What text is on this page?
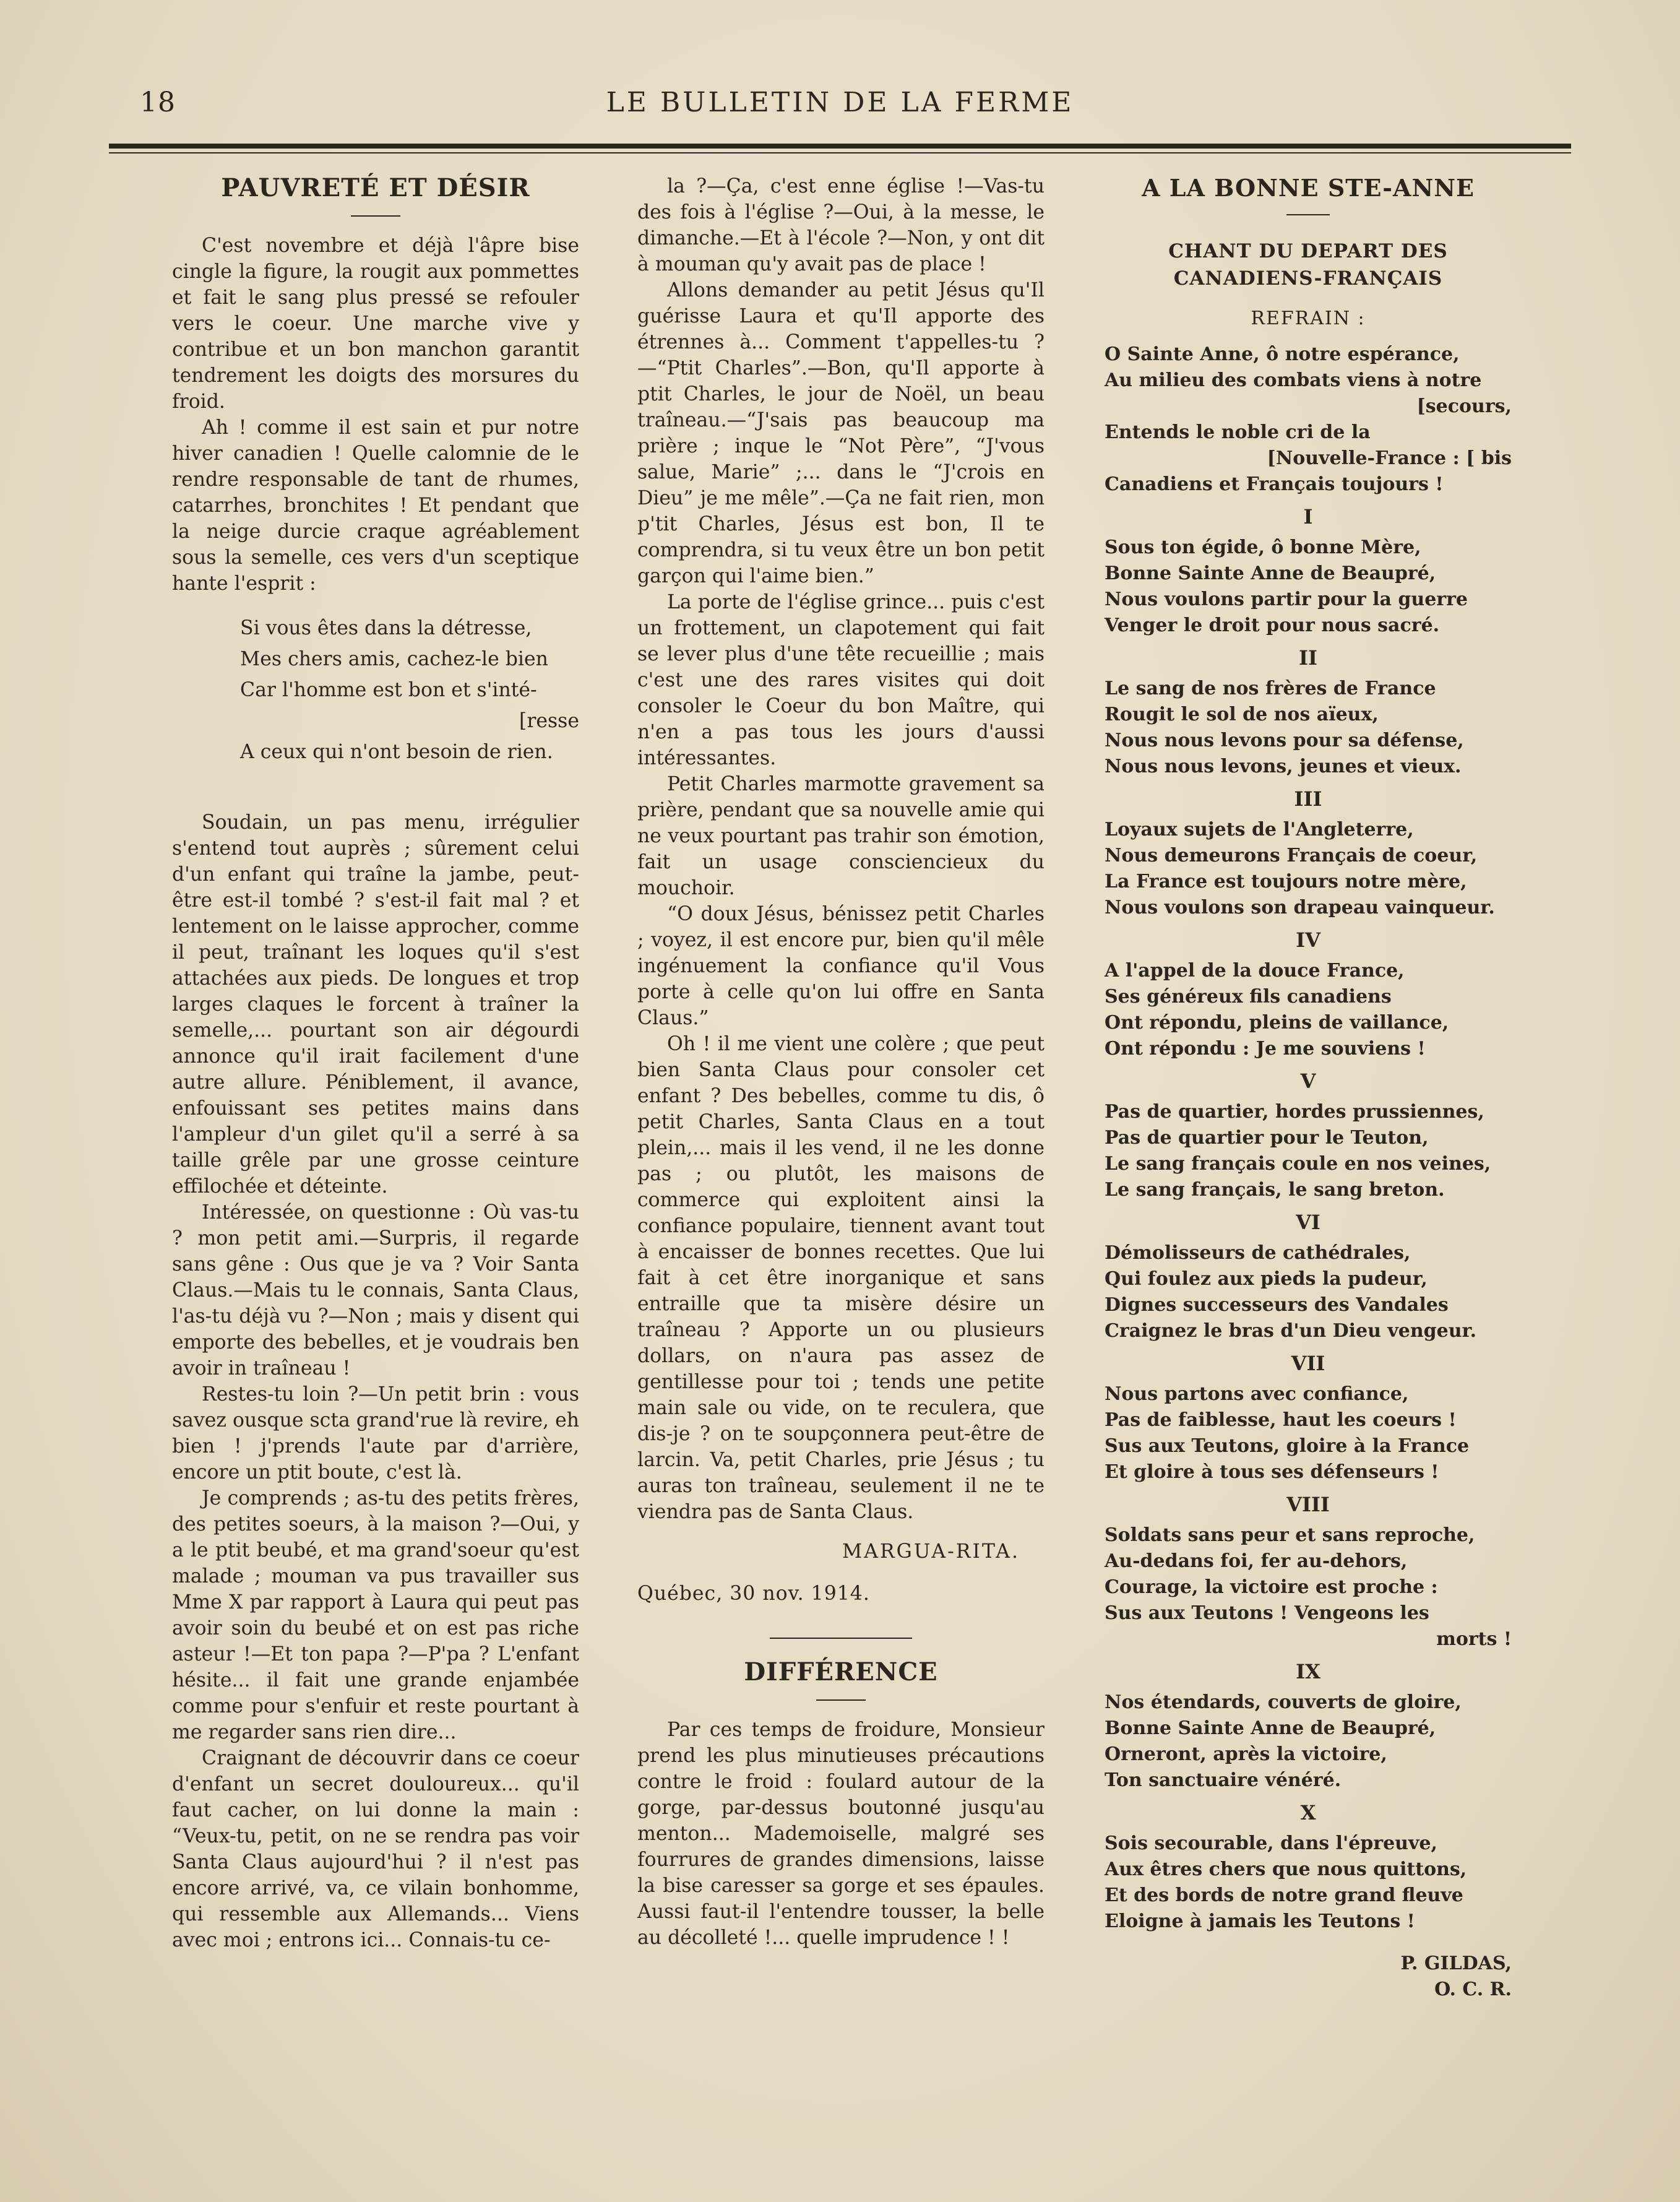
18	LE BULLETIN DE LA FERME
PAUVRETÉ ET DÉSIR

C'est novembre et déjà l'âpre bise cingle la figure, la rougit aux pommettes et fait le sang plus pressé se refouler vers le coeur. Une marche vive y contribue et un bon manchon garantit tendrement les doigts des morsures du froid.

Ah ! comme il est sain et pur notre hiver canadien ! Quelle calomnie de le rendre responsable de tant de rhumes, catarrhes, bronchites ! Et pendant que la neige durcie craque agréablement sous la semelle, ces vers d'un sceptique hante l'esprit :

Si vous êtes dans la détresse,
Mes chers amis, cachez-le bien
Car l'homme est bon et s'inté-
[resse
A ceux qui n'ont besoin de rien.

Soudain, un pas menu, irrégulier s'entend tout auprès ; sûrement celui d'un enfant qui traîne la jambe, peut-être est-il tombé ? s'est-il fait mal ? et lentement on le laisse approcher, comme il peut, traînant les loques qu'il s'est attachées aux pieds. De longues et trop larges claques le forcent à traîner la semelle,... pourtant son air dégourdi annonce qu'il irait facilement d'une autre allure. Péniblement, il avance, enfouissant ses petites mains dans l'ampleur d'un gilet qu'il a serré à sa taille grêle par une grosse ceinture effilochée et déteinte.

Intéressée, on questionne : Où vas-tu ? mon petit ami.—Surpris, il regarde sans gêne : Ous que je va ? Voir Santa Claus.—Mais tu le connais, Santa Claus, l'as-tu déjà vu ?—Non ; mais y disent qui emporte des bebelles, et je voudrais ben avoir in traîneau !

Restes-tu loin ?—Un petit brin : vous savez ousque scta grand'rue là revire, eh bien ! j'prends l'aute par d'arrière, encore un ptit boute, c'est là.

Je comprends ; as-tu des petits frères, des petites soeurs, à la maison ?—Oui, y a le ptit beubé, et ma grand'soeur qu'est malade ; mouman va pus travailler sus Mme X par rapport à Laura qui peut pas avoir soin du beubé et on est pas riche asteur !—Et ton papa ?—P'pa ? L'enfant hésite... il fait une grande enjambée comme pour s'enfuir et reste pourtant à me regarder sans rien dire...

Craignant de découvrir dans ce coeur d'enfant un secret douloureux... qu'il faut cacher, on lui donne la main : “Veux-tu, petit, on ne se rendra pas voir Santa Claus aujourd'hui ? il n'est pas encore arrivé, va, ce vilain bonhomme, qui ressemble aux Allemands... Viens avec moi ; entrons ici... Connais-tu ce-

la ?—Ça, c'est enne église !—Vas-tu des fois à l'église ?—Oui, à la messe, le dimanche.—Et à l'école ?—Non, y ont dit à mouman qu'y avait pas de place !

Allons demander au petit Jésus qu'Il guérisse Laura et qu'Il apporte des étrennes à... Comment t'appelles-tu ?—“Ptit Charles”.—Bon, qu'Il apporte à ptit Charles, le jour de Noël, un beau traîneau.—“J'sais pas beaucoup ma prière ; inque le “Not Père”, “J'vous salue, Marie” ;... dans le “J'crois en Dieu” je me mêle”.—Ça ne fait rien, mon p'tit Charles, Jésus est bon, Il te comprendra, si tu veux être un bon petit garçon qui l'aime bien.”

La porte de l'église grince... puis c'est un frottement, un clapotement qui fait se lever plus d'une tête recueillie ; mais c'est une des rares visites qui doit consoler le Coeur du bon Maître, qui n'en a pas tous les jours d'aussi intéressantes.

Petit Charles marmotte gravement sa prière, pendant que sa nouvelle amie qui ne veux pourtant pas trahir son émotion, fait un usage consciencieux du mouchoir.

“O doux Jésus, bénissez petit Charles ; voyez, il est encore pur, bien qu'il mêle ingénuement la confiance qu'il Vous porte à celle qu'on lui offre en Santa Claus.”

Oh ! il me vient une colère ; que peut bien Santa Claus pour consoler cet enfant ? Des bebelles, comme tu dis, ô petit Charles, Santa Claus en a tout plein,... mais il les vend, il ne les donne pas ; ou plutôt, les maisons de commerce qui exploitent ainsi la confiance populaire, tiennent avant tout à encaisser de bonnes recettes. Que lui fait à cet être inorganique et sans entraille que ta misère désire un traîneau ? Apporte un ou plusieurs dollars, on n'aura pas assez de gentillesse pour toi ; tends une petite main sale ou vide, on te reculera, que dis-je ? on te soupçonnera peut-être de larcin. Va, petit Charles, prie Jésus ; tu auras ton traîneau, seulement il ne te viendra pas de Santa Claus.

MARGUA-RITA.

Québec, 30 nov. 1914.

DIFFÉRENCE

Par ces temps de froidure, Monsieur prend les plus minutieuses précautions contre le froid : foulard autour de la gorge, par-dessus boutonné jusqu'au menton... Mademoiselle, malgré ses fourrures de grandes dimensions, laisse la bise caresser sa gorge et ses épaules. Aussi faut-il l'entendre tousser, la belle au décolleté !... quelle imprudence ! !

A LA BONNE STE-ANNE
CHANT DU DEPART DES CANADIENS-FRANÇAIS
REFRAIN :
O Sainte Anne, ô notre espérance,
Au milieu des combats viens à notre
[secours,
Entends le noble cri de la
[Nouvelle-France : [ bis
Canadiens et Français toujours !
I
Sous ton égide, ô bonne Mère,
Bonne Sainte Anne de Beaupré,
Nous voulons partir pour la guerre
Venger le droit pour nous sacré.
II
Le sang de nos frères de France
Rougit le sol de nos aïeux,
Nous nous levons pour sa défense,
Nous nous levons, jeunes et vieux.
III
Loyaux sujets de l'Angleterre,
Nous demeurons Français de coeur,
La France est toujours notre mère,
Nous voulons son drapeau vainqueur.
IV
A l'appel de la douce France,
Ses généreux fils canadiens
Ont répondu, pleins de vaillance,
Ont répondu : Je me souviens !
V
Pas de quartier, hordes prussiennes,
Pas de quartier pour le Teuton,
Le sang français coule en nos veines,
Le sang français, le sang breton.
VI
Démolisseurs de cathédrales,
Qui foulez aux pieds la pudeur,
Dignes successeurs des Vandales
Craignez le bras d'un Dieu vengeur.
VII
Nous partons avec confiance,
Pas de faiblesse, haut les coeurs !
Sus aux Teutons, gloire à la France
Et gloire à tous ses défenseurs !
VIII
Soldats sans peur et sans reproche,
Au-dedans foi, fer au-dehors,
Courage, la victoire est proche :
Sus aux Teutons ! Vengeons les
morts !
IX
Nos étendards, couverts de gloire,
Bonne Sainte Anne de Beaupré,
Orneront, après la victoire,
Ton sanctuaire vénéré.
X
Sois secourable, dans l'épreuve,
Aux êtres chers que nous quittons,
Et des bords de notre grand fleuve
Eloigne à jamais les Teutons !
P. GILDAS,
O. C. R.
